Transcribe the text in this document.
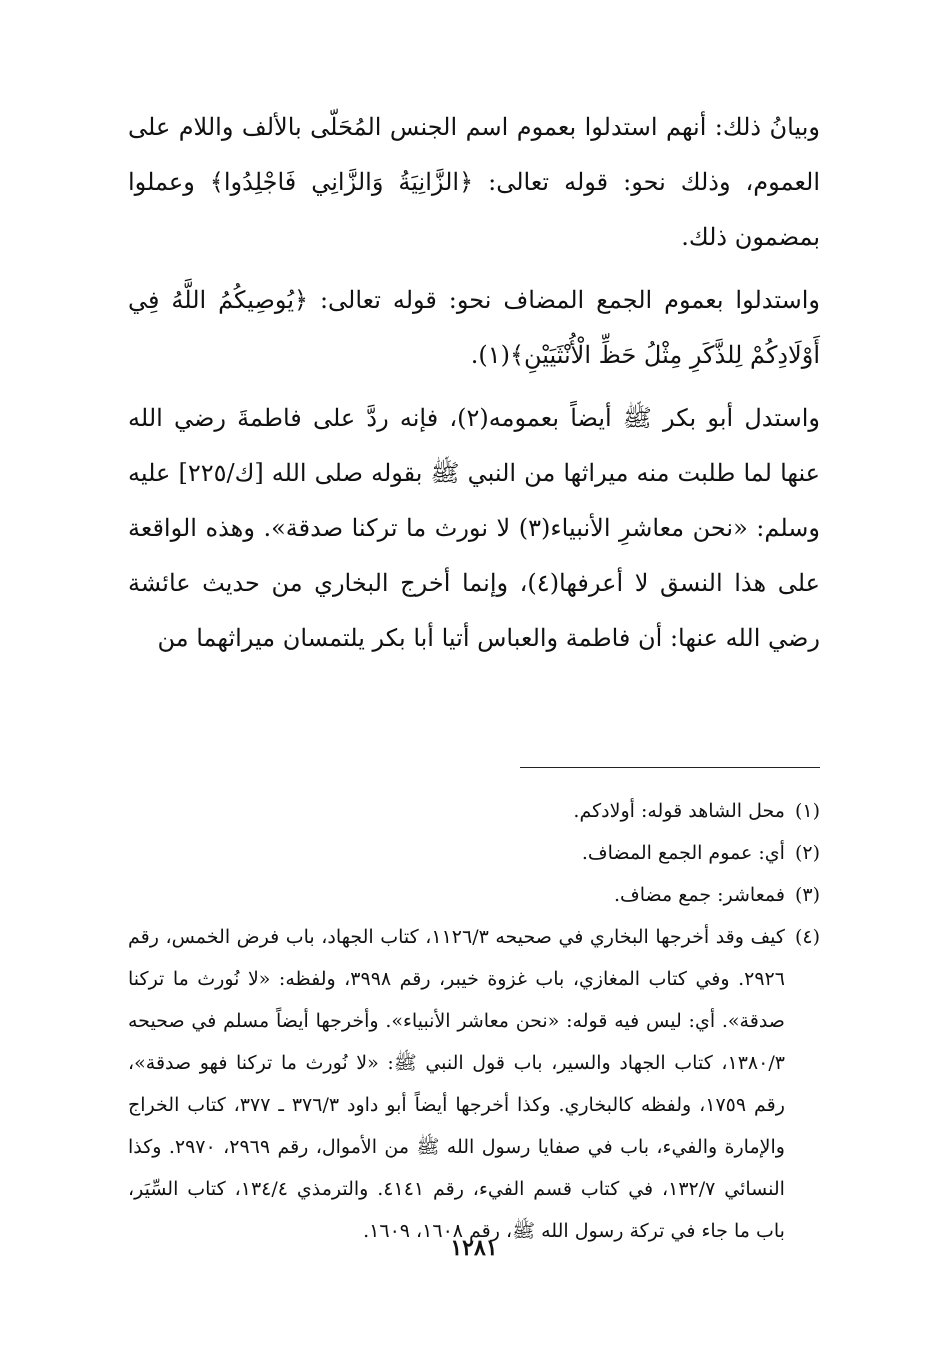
وبيانُ ذلك: أنهم استدلوا بعموم اسم الجنس المُحَلّى بالألف واللام على العموم، وذلك نحو: قوله تعالى: ﴿الزَّانِيَةُ وَالزَّانِي فَاجْلِدُوا﴾ وعملوا بمضمون ذلك.

واستدلوا بعموم الجمع المضاف نحو: قوله تعالى: ﴿يُوصِيكُمُ اللَّهُ فِي أَوْلَادِكُمْ لِلذَّكَرِ مِثْلُ حَظِّ الْأُنْثَيَيْنِ﴾(١).

واستدل أبو بكر ﷺ أيضاً بعمومه(٢)، فإنه ردَّ على فاطمةَ رضي الله عنها لما طلبت منه ميراثها من النبي ﷺ بقوله صلى الله [ك/٢٢٥] عليه وسلم: «نحن معاشرِ الأنبياء(٣) لا نورث ما تركنا صدقة». وهذه الواقعة على هذا النسق لا أعرفها(٤)، وإنما أخرج البخاري من حديث عائشة رضي الله عنها: أن فاطمة والعباس أتيا أبا بكر يلتمسان ميراثهما من

(١)
محل الشاهد قوله: أولادكم.
(٢)
أي: عموم الجمع المضاف.
(٣)
فمعاشر: جمع مضاف.
(٤)
كيف وقد أخرجها البخاري في صحيحه ١١٢٦/٣، كتاب الجهاد، باب فرض الخمس، رقم ٢٩٢٦. وفي كتاب المغازي، باب غزوة خيبر، رقم ٣٩٩٨، ولفظه: «لا نُورث ما تركنا صدقة». أي: ليس فيه قوله: «نحن معاشر الأنبياء». وأخرجها أيضاً مسلم في صحيحه ١٣٨٠/٣، كتاب الجهاد والسير، باب قول النبي ﷺ: «لا نُورث ما تركنا فهو صدقة»، رقم ١٧٥٩، ولفظه كالبخاري. وكذا أخرجها أيضاً أبو داود ٣٧٦/٣ ـ ٣٧٧، كتاب الخراج والإمارة والفيء، باب في صفايا رسول الله ﷺ من الأموال، رقم ٢٩٦٩، ٢٩٧٠. وكذا النسائي ١٣٢/٧، في كتاب قسم الفيء، رقم ٤١٤١. والترمذي ١٣٤/٤، كتاب السِّيَر، باب ما جاء في تركة رسول الله ﷺ، رقم ١٦٠٨، ١٦٠٩.
١٢٨١
